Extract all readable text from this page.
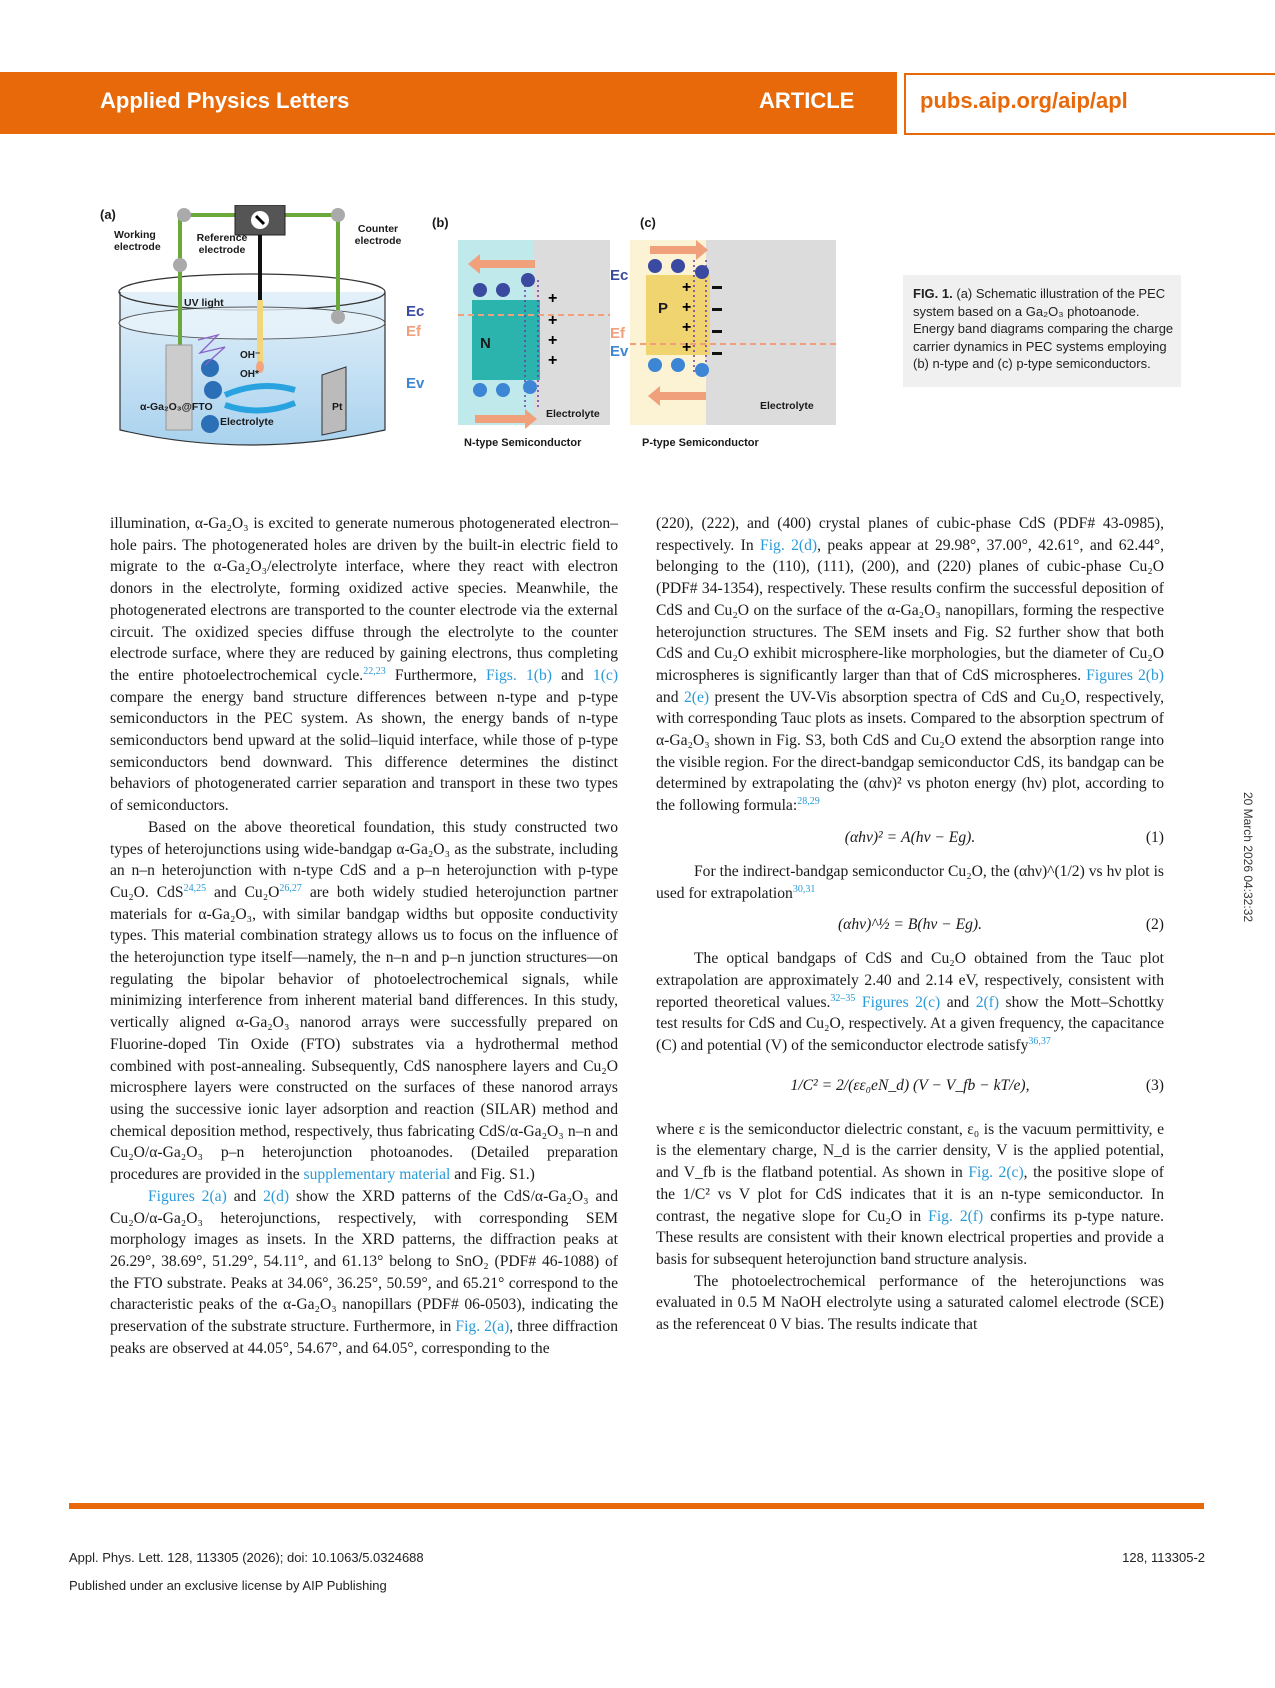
Applied Physics Letters	ARTICLE	pubs.aip.org/aip/apl
(a)
Working electrode
Reference electrode
Counter electrode
UV light
OH⁻
OH*
α-Ga₂O₃@FTO	Pt
Electrolyte
(b)
+
+
+
+
Ec
Ef
Ev
N
Electrolyte
N-type Semiconductor
(c)
+
+
+
+
Ec
Ef
Ev
P
Electrolyte
P-type Semiconductor
FIG. 1. (a) Schematic illustration of the PEC system based on a Ga₂O₃ photoanode. Energy band diagrams comparing the charge carrier dynamics in PEC systems employing (b) n-type and (c) p-type semiconductors.

illumination, α-Ga₂O₃ is excited to generate numerous photogenerated electron–hole pairs. The photogenerated holes are driven by the built-in electric field to migrate to the α-Ga₂O₃/electrolyte interface, where they react with electron donors in the electrolyte, forming oxidized active species. Meanwhile, the photogenerated electrons are transported to the counter electrode via the external circuit. The oxidized species diffuse through the electrolyte to the counter electrode surface, where they are reduced by gaining electrons, thus completing the entire photoelectrochemical cycle.$^{22,23}$ Furthermore, Figs. 1(b) and 1(c) compare the energy band structure differences between n-type and p-type semiconductors in the PEC system. As shown, the energy bands of n-type semiconductors bend upward at the solid–liquid interface, while those of p-type semiconductors bend downward. This difference determines the distinct behaviors of photogenerated carrier separation and transport in these two types of semiconductors.

Based on the above theoretical foundation, this study constructed two types of heterojunctions using wide-bandgap α-Ga₂O₃ as the substrate, including an n–n heterojunction with n-type CdS and a p–n heterojunction with p-type Cu₂O. CdS$^{24,25}$ and $Cu_2O^{26,27}$ are both widely studied heterojunction partner materials for α-Ga₂O₃, with similar bandgap widths but opposite conductivity types. This material combination strategy allows us to focus on the influence of the heterojunction type itself—namely, the n–n and p–n junction structures—on regulating the bipolar behavior of photoelectrochemical signals, while minimizing interference from inherent material band differences. In this study, vertically aligned α-Ga₂O₃ nanorod arrays were successfully prepared on Fluorine-doped Tin Oxide (FTO) substrates via a hydrothermal method combined with post-annealing. Subsequently, CdS nanosphere layers and Cu₂O microsphere layers were constructed on the surfaces of these nanorod arrays using the successive ionic layer adsorption and reaction (SILAR) method and chemical deposition method, respectively, thus fabricating CdS/α-Ga₂O₃ n–n and Cu₂O/α-Ga₂O₃ p–n heterojunction photoanodes. (Detailed preparation procedures are provided in the supplementary material and Fig. S1.)

Figures 2(a) and 2(d) show the XRD patterns of the CdS/α-Ga₂O₃ and Cu₂O/α-Ga₂O₃ heterojunctions, respectively, with corresponding SEM morphology images as insets. In the XRD patterns, the diffraction peaks at 26.29°, 38.69°, 51.29°, 54.11°, and 61.13° belong to SnO₂ (PDF# 46-1088) of the FTO substrate. Peaks at 34.06°, 36.25°, 50.59°, and 65.21° correspond to the characteristic peaks of the α-Ga₂O₃ nanopillars (PDF# 06-0503), indicating the preservation of the substrate structure. Furthermore, in Fig. 2(a), three diffraction peaks are observed at 44.05°, 54.67°, and 64.05°, corresponding to the

(220), (222), and (400) crystal planes of cubic-phase CdS (PDF# 43-0985), respectively. In Fig. 2(d), peaks appear at 29.98°, 37.00°, 42.61°, and 62.44°, belonging to the (110), (111), (200), and (220) planes of cubic-phase Cu₂O (PDF# 34-1354), respectively. These results confirm the successful deposition of CdS and Cu₂O on the surface of the α-Ga₂O₃ nanopillars, forming the respective heterojunction structures. The SEM insets and Fig. S2 further show that both CdS and Cu₂O exhibit microsphere-like morphologies, but the diameter of Cu₂O microspheres is significantly larger than that of CdS microspheres. Figures 2(b) and 2(e) present the UV-Vis absorption spectra of CdS and Cu₂O, respectively, with corresponding Tauc plots as insets. Compared to the absorption spectrum of α-Ga₂O₃ shown in Fig. S3, both CdS and Cu₂O extend the absorption range into the visible region. For the direct-bandgap semiconductor CdS, its bandgap can be determined by extrapolating the (αhν)² vs photon energy (hν) plot, according to the following formula:$^{28,29}$

(αhν)² = A(hν − Eg).	(1)

For the indirect-bandgap semiconductor Cu₂O, the (αhν)^(1/2) vs hν plot is used for extrapolation$^{30,31}$

(αhν)^½ = B(hν − Eg).	(2)

The optical bandgaps of CdS and Cu₂O obtained from the Tauc plot extrapolation are approximately 2.40 and 2.14 eV, respectively, consistent with reported theoretical values.$^{32-35}$ Figures 2(c) and 2(f) show the Mott–Schottky test results for CdS and Cu₂O, respectively. At a given frequency, the capacitance (C) and potential (V) of the semiconductor electrode satisfy$^{36,37}$

1/C² = 2/(εε₀eN_d) (V − V_fb − kT/e),	(3)

where ε is the semiconductor dielectric constant, ε₀ is the vacuum permittivity, e is the elementary charge, N_d is the carrier density, V is the applied potential, and V_fb is the flatband potential. As shown in Fig. 2(c), the positive slope of the 1/C² vs V plot for CdS indicates that it is an n-type semiconductor. In contrast, the negative slope for Cu₂O in Fig. 2(f) confirms its p-type nature. These results are consistent with their known electrical properties and provide a basis for subsequent heterojunction band structure analysis.

The photoelectrochemical performance of the heterojunctions was evaluated in 0.5 M NaOH electrolyte using a saturated calomel electrode (SCE) as the referenceat 0 V bias. The results indicate that

20 March 2026 04:32:32
Appl. Phys. Lett. 128, 113305 (2026); doi: 10.1063/5.0324688	128, 113305-2
Published under an exclusive license by AIP Publishing
